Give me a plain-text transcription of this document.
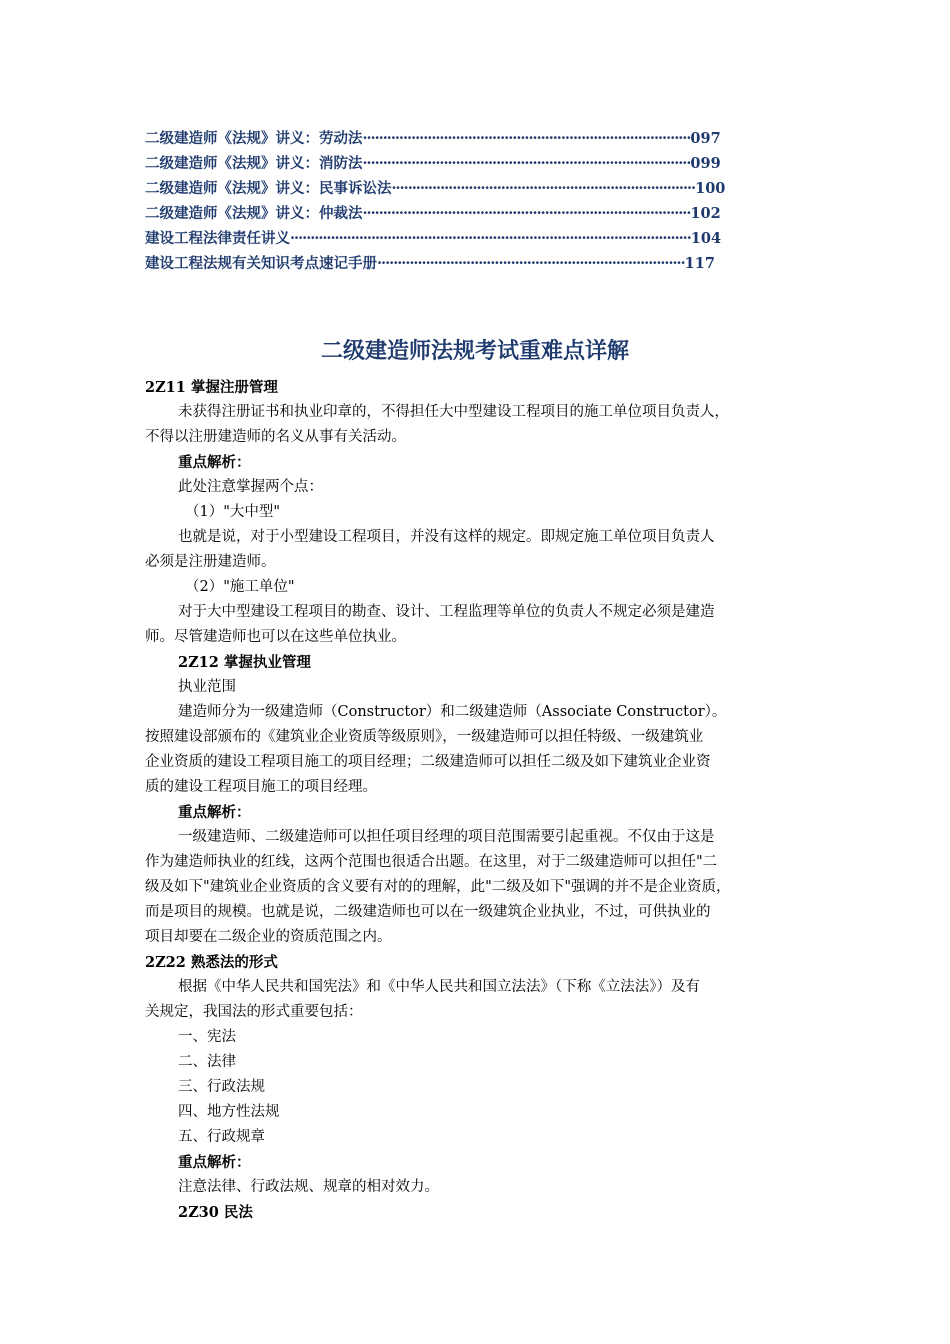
二级建造师《法规》讲义：劳动法·················································································097
二级建造师《法规》讲义：消防法·················································································099
二级建造师《法规》讲义：民事诉讼法···········································································100
二级建造师《法规》讲义：仲裁法·················································································102
建设工程法律责任讲义···································································································104
建设工程法规有关知识考点速记手册············································································117
二级建造师法规考试重难点详解
2Z11 掌握注册管理
未获得注册证书和执业印章的，不得担任大中型建设工程项目的施工单位项目负责人，
不得以注册建造师的名义从事有关活动。
重点解析：
此处注意掌握两个点：
（1）"大中型"
也就是说，对于小型建设工程项目，并没有这样的规定。即规定施工单位项目负责人
必须是注册建造师。
（2）"施工单位"
对于大中型建设工程项目的勘查、设计、工程监理等单位的负责人不规定必须是建造
师。尽管建造师也可以在这些单位执业。
2Z12 掌握执业管理
执业范围
建造师分为一级建造师（Constructor）和二级建造师（Associate Constructor）。
按照建设部颁布的《建筑业企业资质等级原则》，一级建造师可以担任特级、一级建筑业
企业资质的建设工程项目施工的项目经理；二级建造师可以担任二级及如下建筑业企业资
质的建设工程项目施工的项目经理。
重点解析：
一级建造师、二级建造师可以担任项目经理的项目范围需要引起重视。不仅由于这是
作为建造师执业的红线，这两个范围也很适合出题。在这里，对于二级建造师可以担任"二
级及如下"建筑业企业资质的含义要有对的的理解，此"二级及如下"强调的并不是企业资质，
而是项目的规模。也就是说，二级建造师也可以在一级建筑企业执业，不过，可供执业的
项目却要在二级企业的资质范围之内。
2Z22 熟悉法的形式
根据《中华人民共和国宪法》和《中华人民共和国立法法》（下称《立法法》）及有
关规定，我国法的形式重要包括：
一、宪法
二、法律
三、行政法规
四、地方性法规
五、行政规章
重点解析：
注意法律、行政法规、规章的相对效力。
2Z30 民法
